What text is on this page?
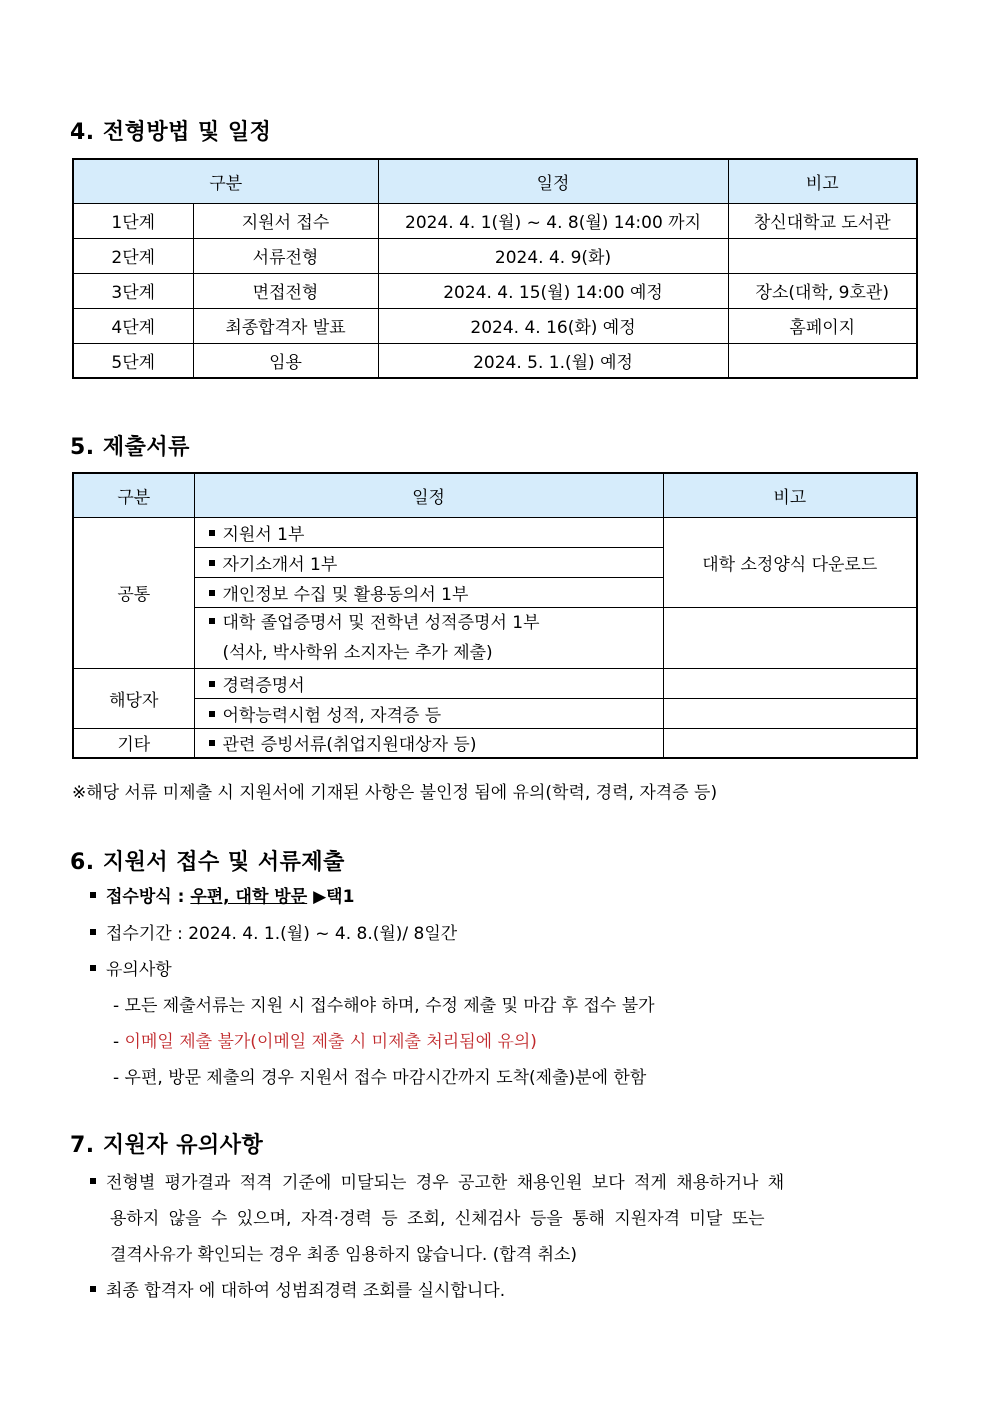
4. 전형방법 및 일정
구분		일정	비고
1단계	지원서 접수	2024. 4. 1(월) ~ 4. 8(월) 14:00 까지	창신대학교 도서관
2단계	서류전형	2024. 4. 9(화)	
3단계	면접전형	2024. 4. 15(월) 14:00 예정	장소(대학, 9호관)
4단계	최종합격자 발표	2024. 4. 16(화) 예정	홈페이지
5단계	임용	2024. 5. 1.(월) 예정	
5. 제출서류
구분	일정	비고
공통	지원서 1부	대학 소정양식 다운로드
	자기소개서 1부	
	개인정보 수집 및 활용동의서 1부	

	대학 졸업증명서 및 전학년 성적증명서 1부
(석사, 박사학위 소지자는 추가 제출)	

해당자	경력증명서	
	어학능력시험 성적, 자격증 등	
기타	관련 증빙서류(취업지원대상자 등)	
※해당 서류 미제출 시 지원서에 기재된 사항은 불인정 됨에 유의(학력, 경력, 자격증 등)
6. 지원서 접수 및 서류제출
접수방식 : 우편, 대학 방문 ▶택1
접수기간 : 2024. 4. 1.(월) ~ 4. 8.(월)/ 8일간
유의사항
- 모든 제출서류는 지원 시 접수해야 하며, 수정 제출 및 마감 후 접수 불가
- 이메일 제출 불가(이메일 제출 시 미제출 처리됨에 유의)
- 우편, 방문 제출의 경우 지원서 접수 마감시간까지 도착(제출)분에 한함
7. 지원자 유의사항
전형별 평가결과 적격 기준에 미달되는 경우 공고한 채용인원 보다 적게 채용하거나 채
용하지 않을 수 있으며, 자격·경력 등 조회, 신체검사 등을 통해 지원자격 미달 또는
결격사유가 확인되는 경우 최종 임용하지 않습니다. (합격 취소)
최종 합격자 에 대하여 성범죄경력 조회를 실시합니다.
